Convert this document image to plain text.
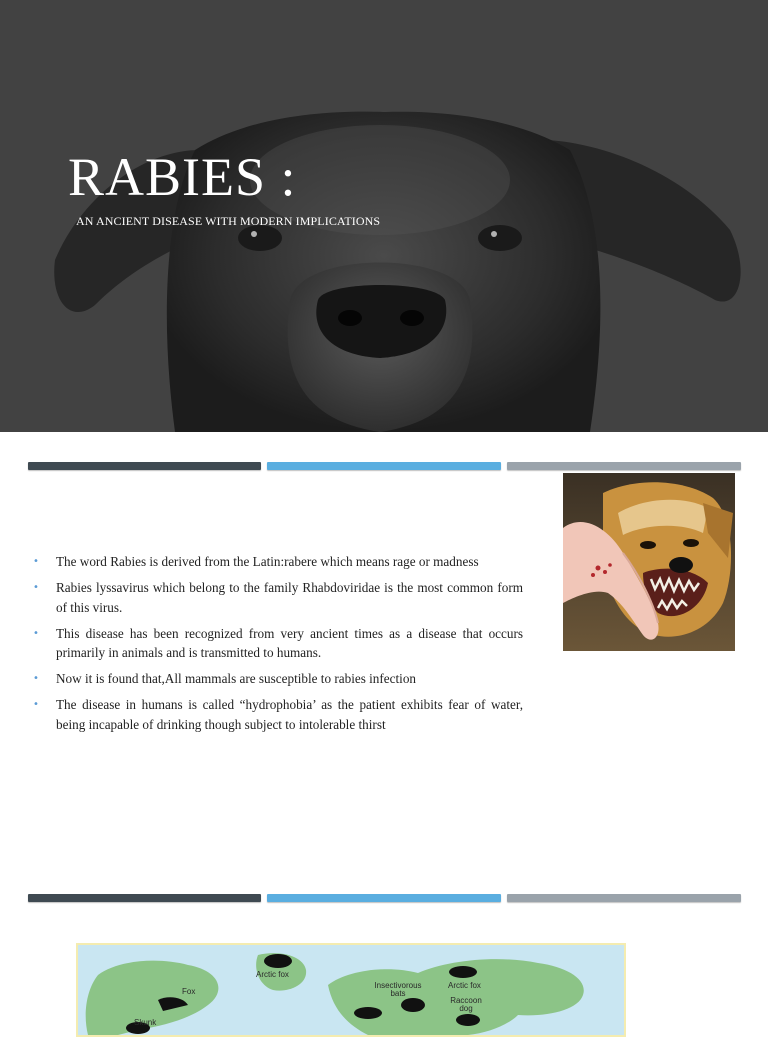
RABIES :
AN ANCIENT DISEASE WITH MODERN IMPLICATIONS
• The word Rabies is derived from the Latin:rabere which means rage or madness
• Rabies lyssavirus which belong to the family Rhabdoviridae is the most common form of this virus.
• This disease has been recognized from very ancient times as a disease that occurs primarily in animals and is transmitted to humans.
• Now it is found that,All mammals are susceptible to rabies infection
• The disease in humans is called “hydrophobia’ as the patient exhibits fear of water, being incapable of drinking though subject to intolerable thirst
Arctic fox
Arctic fox
Insectivorous bats
Raccoon dog
Fox
Skunk
